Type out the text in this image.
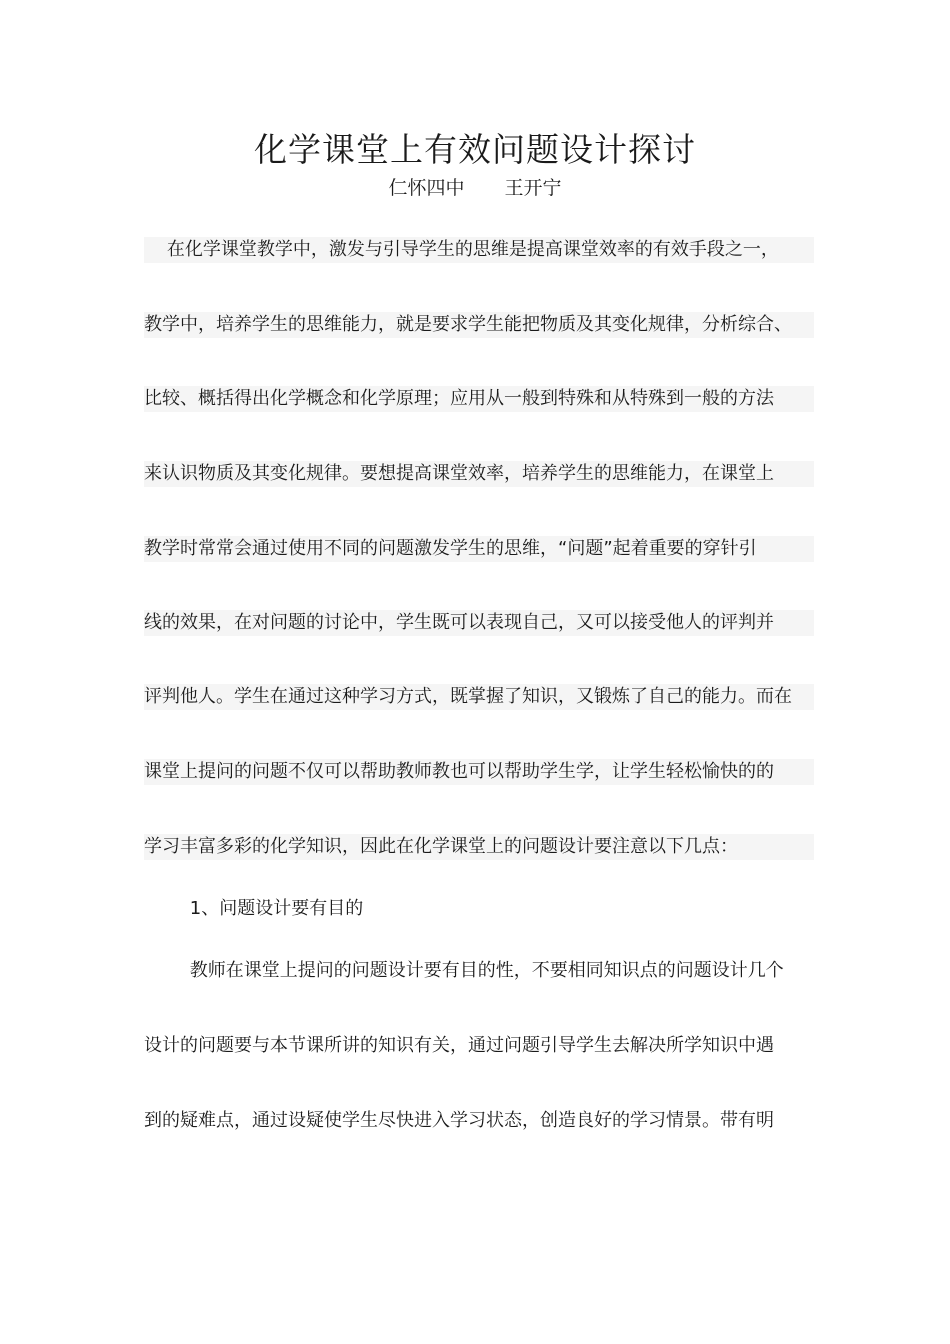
化学课堂上有效问题设计探讨
仁怀四中 王开宁
在化学课堂教学中，激发与引导学生的思维是提高课堂效率的有效手段之一，
教学中，培养学生的思维能力，就是要求学生能把物质及其变化规律，分析综合、
比较、概括得出化学概念和化学原理；应用从一般到特殊和从特殊到一般的方法
来认识物质及其变化规律。要想提高课堂效率，培养学生的思维能力，在课堂上
教学时常常会通过使用不同的问题激发学生的思维，“问题”起着重要的穿针引
线的效果，在对问题的讨论中，学生既可以表现自己，又可以接受他人的评判并
评判他人。学生在通过这种学习方式，既掌握了知识，又锻炼了自己的能力。而在
课堂上提问的问题不仅可以帮助教师教也可以帮助学生学，让学生轻松愉快的的
学习丰富多彩的化学知识，因此在化学课堂上的问题设计要注意以下几点：
1、问题设计要有目的
教师在课堂上提问的问题设计要有目的性，不要相同知识点的问题设计几个
设计的问题要与本节课所讲的知识有关，通过问题引导学生去解决所学知识中遇
到的疑难点，通过设疑使学生尽快进入学习状态，创造良好的学习情景。带有明
